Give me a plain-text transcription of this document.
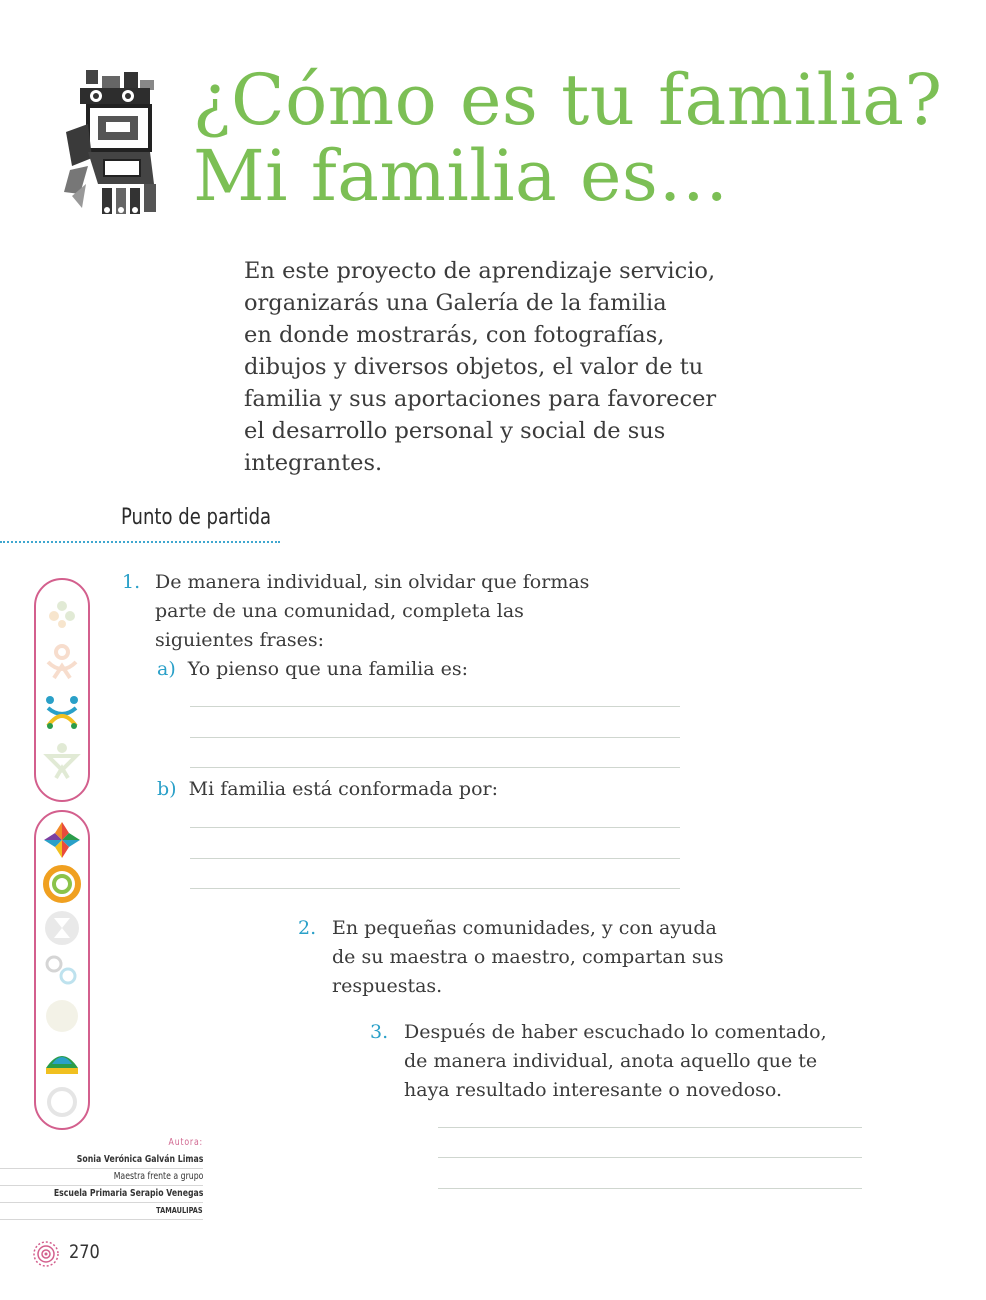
¿Cómo es tu familia?
Mi familia es…
En este proyecto de aprendizaje servicio,
organizarás una Galería de la familia
en donde mostrarás, con fotografías,
dibujos y diversos objetos, el valor de tu
familia y sus aportaciones para favorecer
el desarrollo personal y social de sus
integrantes.
Punto de partida
1. De manera individual, sin olvidar que formas
parte de una comunidad, completa las
siguientes frases:
a) Yo pienso que una familia es:
b) Mi familia está conformada por:
2. En pequeñas comunidades, y con ayuda
de su maestra o maestro, compartan sus
respuestas.
3. Después de haber escuchado lo comentado,
de manera individual, anota aquello que te
haya resultado interesante o novedoso.
Autora:
Sonia Verónica Galván Limas
Maestra frente a grupo
Escuela Primaria Serapio Venegas
TAMAULIPAS
270
